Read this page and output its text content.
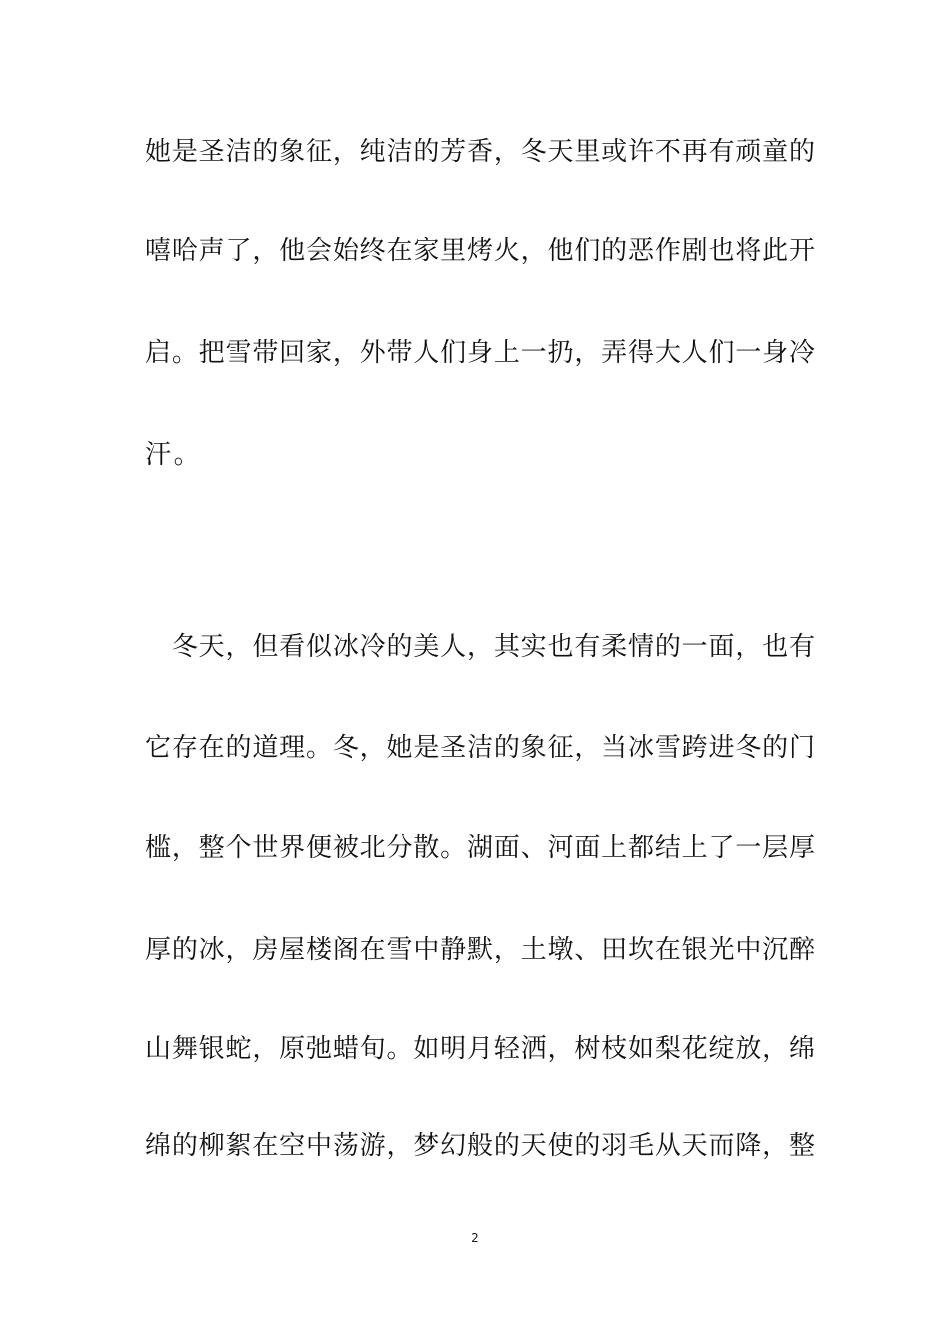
她是圣洁的象征，纯洁的芳香，冬天里或许不再有顽童的
嘻哈声了，他会始终在家里烤火，他们的恶作剧也将此开
启。把雪带回家，外带人们身上一扔，弄得大人们一身冷
汗。
　冬天，但看似冰冷的美人，其实也有柔情的一面，也有
它存在的道理。冬，她是圣洁的象征，当冰雪跨进冬的门
槛，整个世界便被北分散。湖面、河面上都结上了一层厚
厚的冰，房屋楼阁在雪中静默，土墩、田坎在银光中沉醉
山舞银蛇，原弛蜡旬。如明月轻洒，树枝如梨花绽放，绵
绵的柳絮在空中荡游，梦幻般的天使的羽毛从天而降，整
2
